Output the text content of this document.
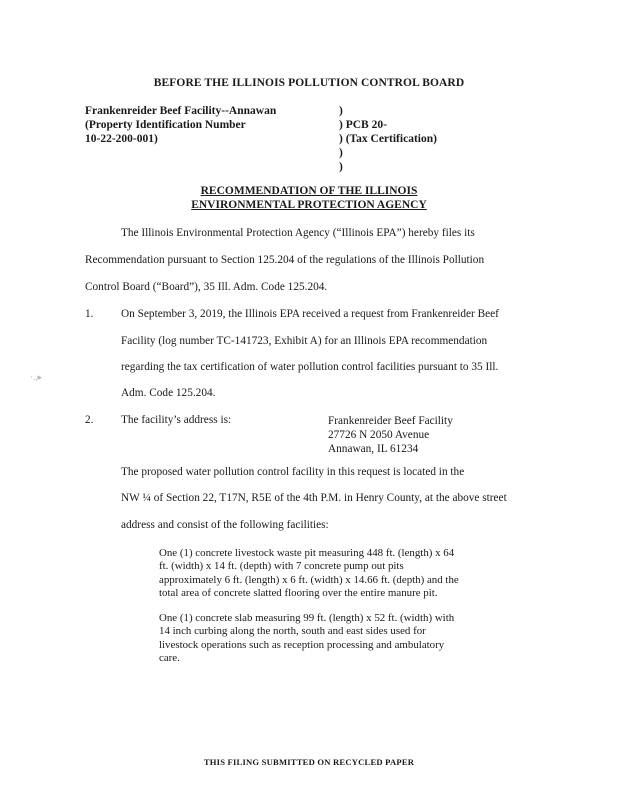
BEFORE THE ILLINOIS POLLUTION CONTROL BOARD
Frankenreider Beef Facility--Annawan
(Property Identification Number
10-22-200-001)
)
) PCB 20-
) (Tax Certification)
)
)
RECOMMENDATION OF THE ILLINOIS
ENVIRONMENTAL PROTECTION AGENCY
The Illinois Environmental Protection Agency (“Illinois EPA”) hereby files its
Recommendation pursuant to Section 125.204 of the regulations of the Illinois Pollution
Control Board (“Board”), 35 Ill. Adm. Code 125.204.
1. On September 3, 2019, the Illinois EPA received a request from Frankenreider Beef
Facility (log number TC-141723, Exhibit A) for an Illinois EPA recommendation
regarding the tax certification of water pollution control facilities pursuant to 35 Ill.
Adm. Code 125.204.
·.,▸
2. The facility’s address is:	Frankenreider Beef Facility
27726 N 2050 Avenue
Annawan, IL 61234
The proposed water pollution control facility in this request is located in the
NW ¼ of Section 22, T17N, R5E of the 4th P.M. in Henry County, at the above street
address and consist of the following facilities:
One (1) concrete livestock waste pit measuring 448 ft. (length) x 64
ft. (width) x 14 ft. (depth) with 7 concrete pump out pits
approximately 6 ft. (length) x 6 ft. (width) x 14.66 ft. (depth) and the
total area of concrete slatted flooring over the entire manure pit.
One (1) concrete slab measuring 99 ft. (length) x 52 ft. (width) with
14 inch curbing along the north, south and east sides used for
livestock operations such as reception processing and ambulatory
care.
THIS FILING SUBMITTED ON RECYCLED PAPER
